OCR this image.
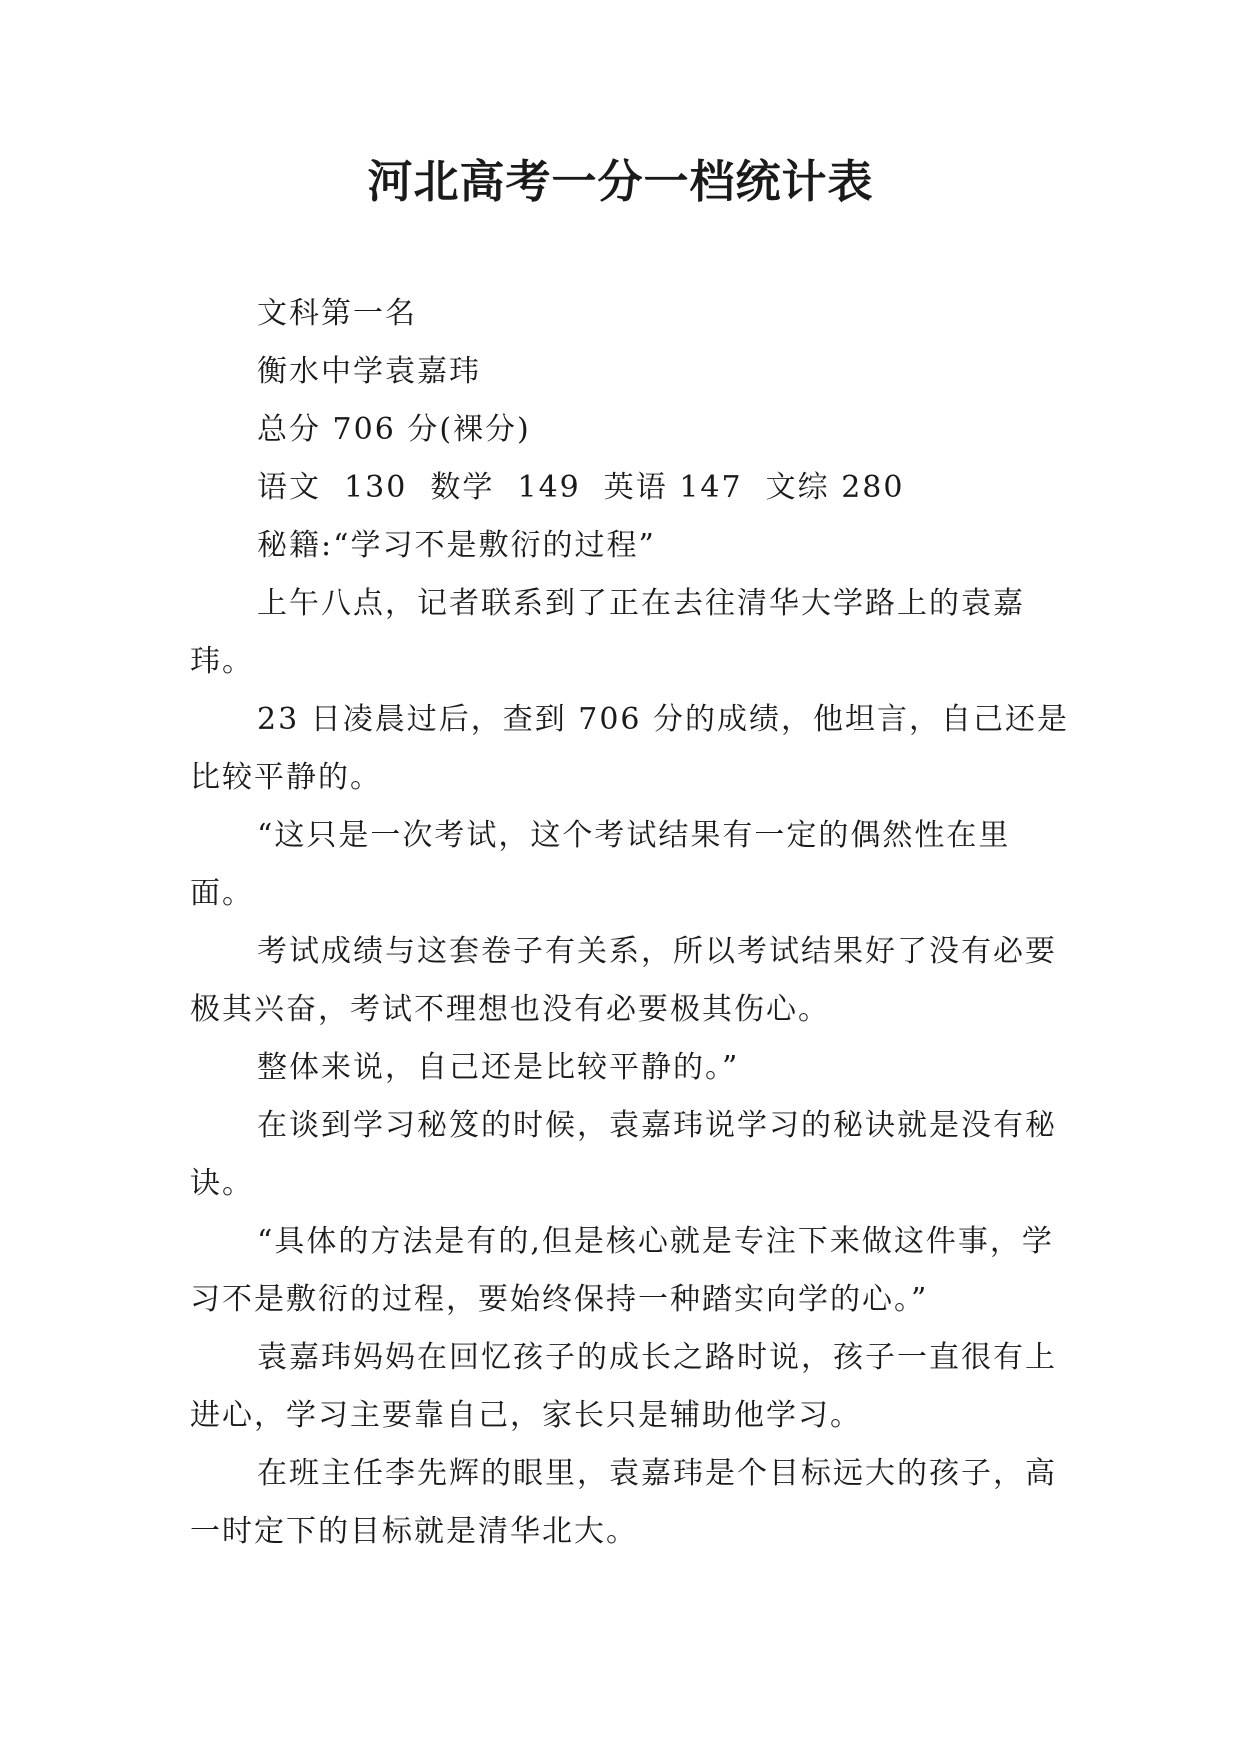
河北高考一分一档统计表

文科第一名

衡水中学袁嘉玮

总分 706 分(裸分)

语文  130  数学  149  英语 147  文综 280

秘籍:“学习不是敷衍的过程”

上午八点，记者联系到了正在去往清华大学路上的袁嘉玮。

23 日凌晨过后，查到 706 分的成绩，他坦言，自己还是比较平静的。

“这只是一次考试，这个考试结果有一定的偶然性在里面。

考试成绩与这套卷子有关系，所以考试结果好了没有必要极其兴奋，考试不理想也没有必要极其伤心。

整体来说，自己还是比较平静的。”

在谈到学习秘笈的时候，袁嘉玮说学习的秘诀就是没有秘诀。

“具体的方法是有的,但是核心就是专注下来做这件事，学习不是敷衍的过程，要始终保持一种踏实向学的心。”

袁嘉玮妈妈在回忆孩子的成长之路时说，孩子一直很有上进心，学习主要靠自己，家长只是辅助他学习。

在班主任李先辉的眼里，袁嘉玮是个目标远大的孩子，高一时定下的目标就是清华北大。
